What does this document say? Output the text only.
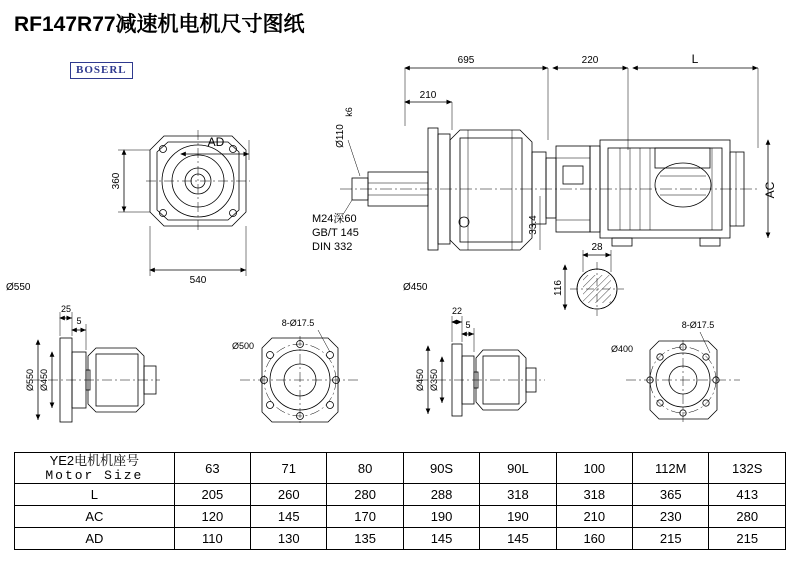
RF147R77减速机电机尺寸图纸
BOSERL
695	220	L
210
Ø110
k6
M24深60
GB/T 145
DIN 332
33.4
AC
28
116
AD
360
540
Ø550	Ø450
25
5
22
5
Ø550 Ø450	Ø450 Ø350
8-Ø17.5	8-Ø17.5
Ø500	Ø400
YE2电机机座号
Motor Size	63	71	80	90S	90L	100	112M	132S
L	205	260	280	288	318	318	365	413
AC	120	145	170	190	190	210	230	280
AD	110	130	135	145	145	160	215	215
